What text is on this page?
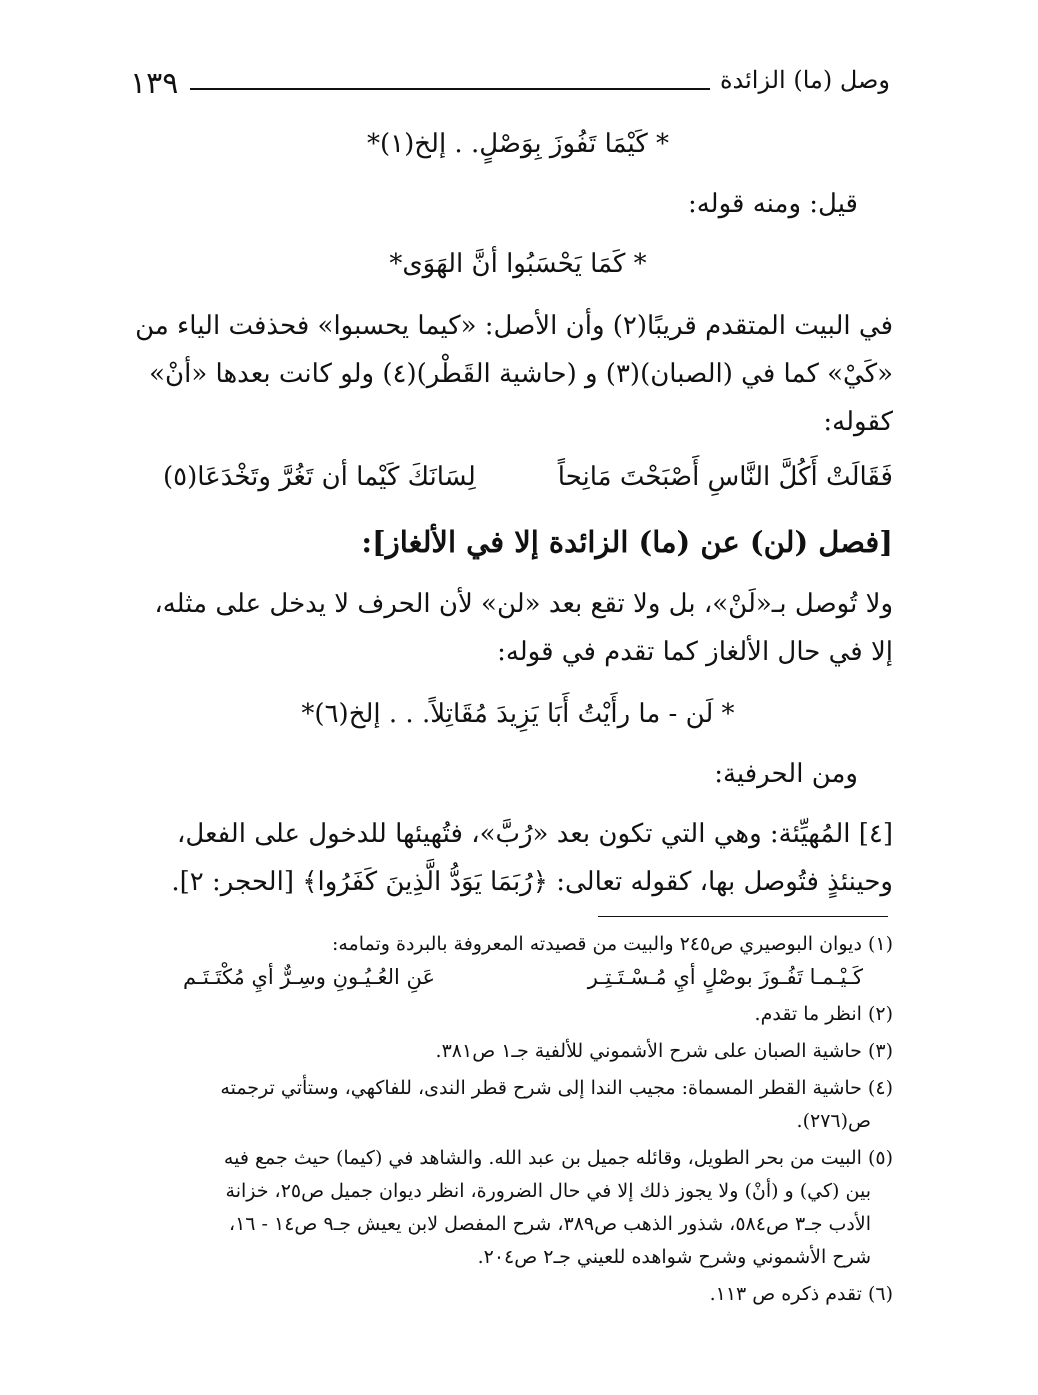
١٣٩	وصل (ما) الزائدة
* كَيْمَا تَفُوزَ بِوَصْلٍ. . إلخ(١)*
قيل: ومنه قوله:
* كَمَا يَحْسَبُوا أنَّ الهَوَى*
في البيت المتقدم قريبًا(٢) وأن الأصل: «كيما يحسبوا» فحذفت الياء من
«كَيْ» كما في (الصبان)(٣) و (حاشية القَطْر)(٤) ولو كانت بعدها «أنْ»
كقوله:
فَقَالَتْ أَكُلَّ النَّاسِ أَصْبَحْتَ مَانِحاً
لِسَانَكَ كَيْما أن تَغُرَّ وتَخْدَعَا(٥)
[فصل (لن) عن (ما) الزائدة إلا في الألغاز]:
ولا تُوصل بـ«لَنْ»، بل ولا تقع بعد «لن» لأن الحرف لا يدخل على مثله،
إلا في حال الألغاز كما تقدم في قوله:
* لَن - ما رأَيْتُ أَبَا يَزِيدَ مُقَاتِلاً. . . إلخ(٦)*
ومن الحرفية:
[٤] المُهيِّئة: وهي التي تكون بعد «رُبَّ»، فتُهيئها للدخول على الفعل،
وحينئذٍ فتُوصل بها، كقوله تعالى: ﴿رُبَمَا يَوَدُّ الَّذِينَ كَفَرُوا﴾ [الحجر: ٢].
(١) ديوان البوصيري ص٢٤٥ والبيت من قصيدته المعروفة بالبردة وتمامه:
كَـيْـمـا تَفُـوزَ بوصْلٍ أيِ مُـسْـتَـتِـر
عَنِ العُـيُـونِ وسِـرٌّ أيِ مُكْتَـتَـم
(٢) انظر ما تقدم.
(٣) حاشية الصبان على شرح الأشموني للألفية جـ١ ص٣٨١.
(٤) حاشية القطر المسماة: مجيب الندا إلى شرح قطر الندى، للفاكهي، وستأتي ترجمته
ص(٢٧٦).
(٥) البيت من بحر الطويل، وقائله جميل بن عبد الله. والشاهد في (كيما) حيث جمع فيه
بين (كي) و (أنْ) ولا يجوز ذلك إلا في حال الضرورة، انظر ديوان جميل ص٢٥، خزانة
الأدب جـ٣ ص٥٨٤، شذور الذهب ص٣٨٩، شرح المفصل لابن يعيش جـ٩ ص١٤ - ١٦،
شرح الأشموني وشرح شواهده للعيني جـ٢ ص٢٠٤.
(٦) تقدم ذكره ص ١١٣.
